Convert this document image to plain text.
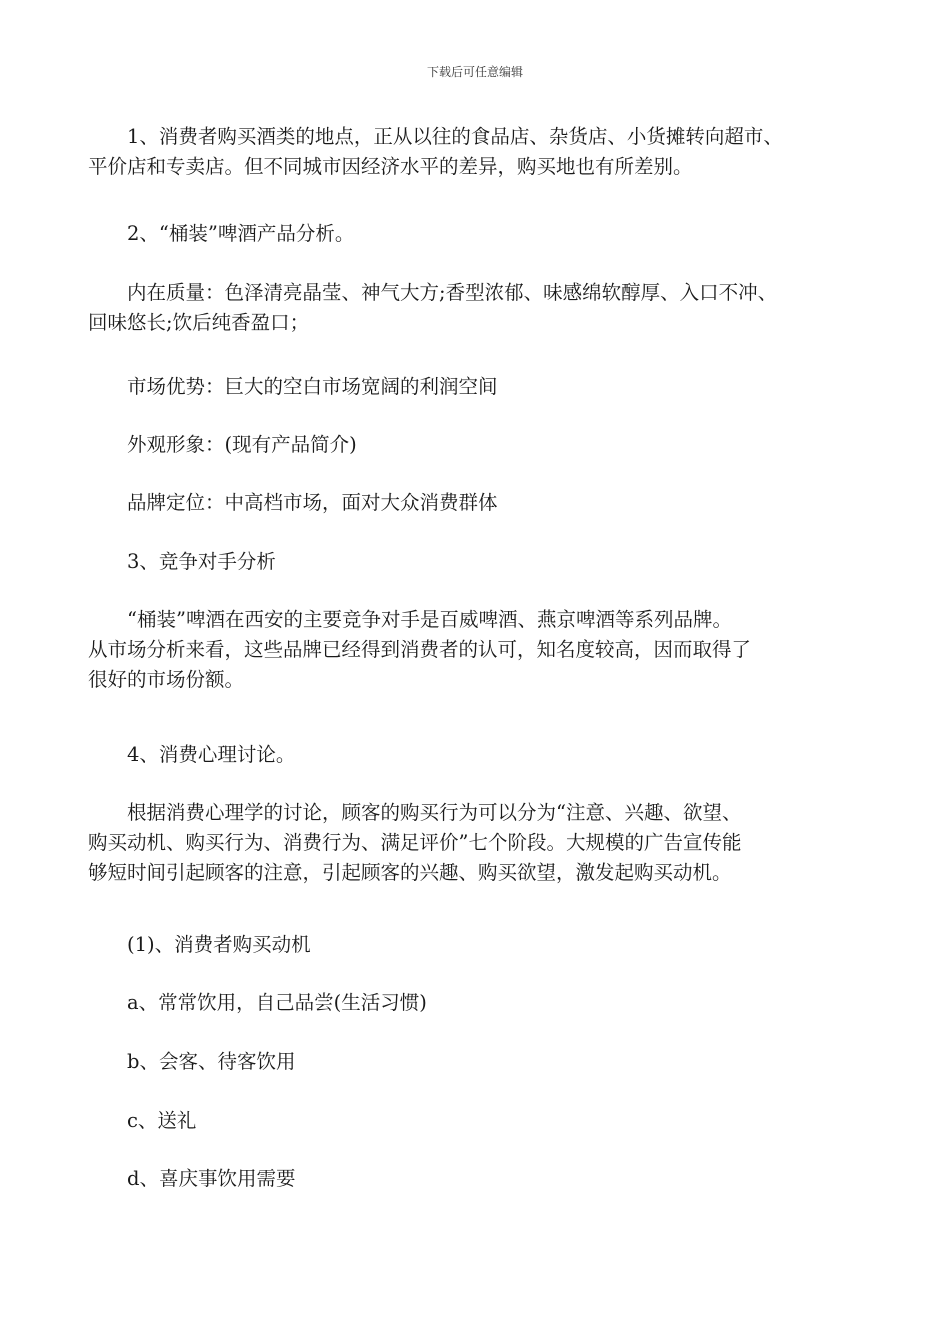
下载后可任意编辑
　　1、消费者购买酒类的地点，正从以往的食品店、杂货店、小货摊转向超市、
平价店和专卖店。但不同城市因经济水平的差异，购买地也有所差别。
　　2、“桶装”啤酒产品分析。
　　内在质量：色泽清亮晶莹、神气大方;香型浓郁、味感绵软醇厚、入口不冲、
回味悠长;饮后纯香盈口；
　　市场优势：巨大的空白市场宽阔的利润空间
　　外观形象：(现有产品简介)
　　品牌定位：中高档市场，面对大众消费群体
　　3、竞争对手分析
　　“桶装”啤酒在西安的主要竞争对手是百威啤酒、燕京啤酒等系列品牌。
从市场分析来看，这些品牌已经得到消费者的认可，知名度较高，因而取得了
很好的市场份额。
　　4、消费心理讨论。
　　根据消费心理学的讨论，顾客的购买行为可以分为“注意、兴趣、欲望、
购买动机、购买行为、消费行为、满足评价”七个阶段。大规模的广告宣传能
够短时间引起顾客的注意，引起顾客的兴趣、购买欲望，激发起购买动机。
　　(1)、消费者购买动机
　　a、常常饮用，自己品尝(生活习惯)
　　b、会客、待客饮用
　　c、送礼
　　d、喜庆事饮用需要
